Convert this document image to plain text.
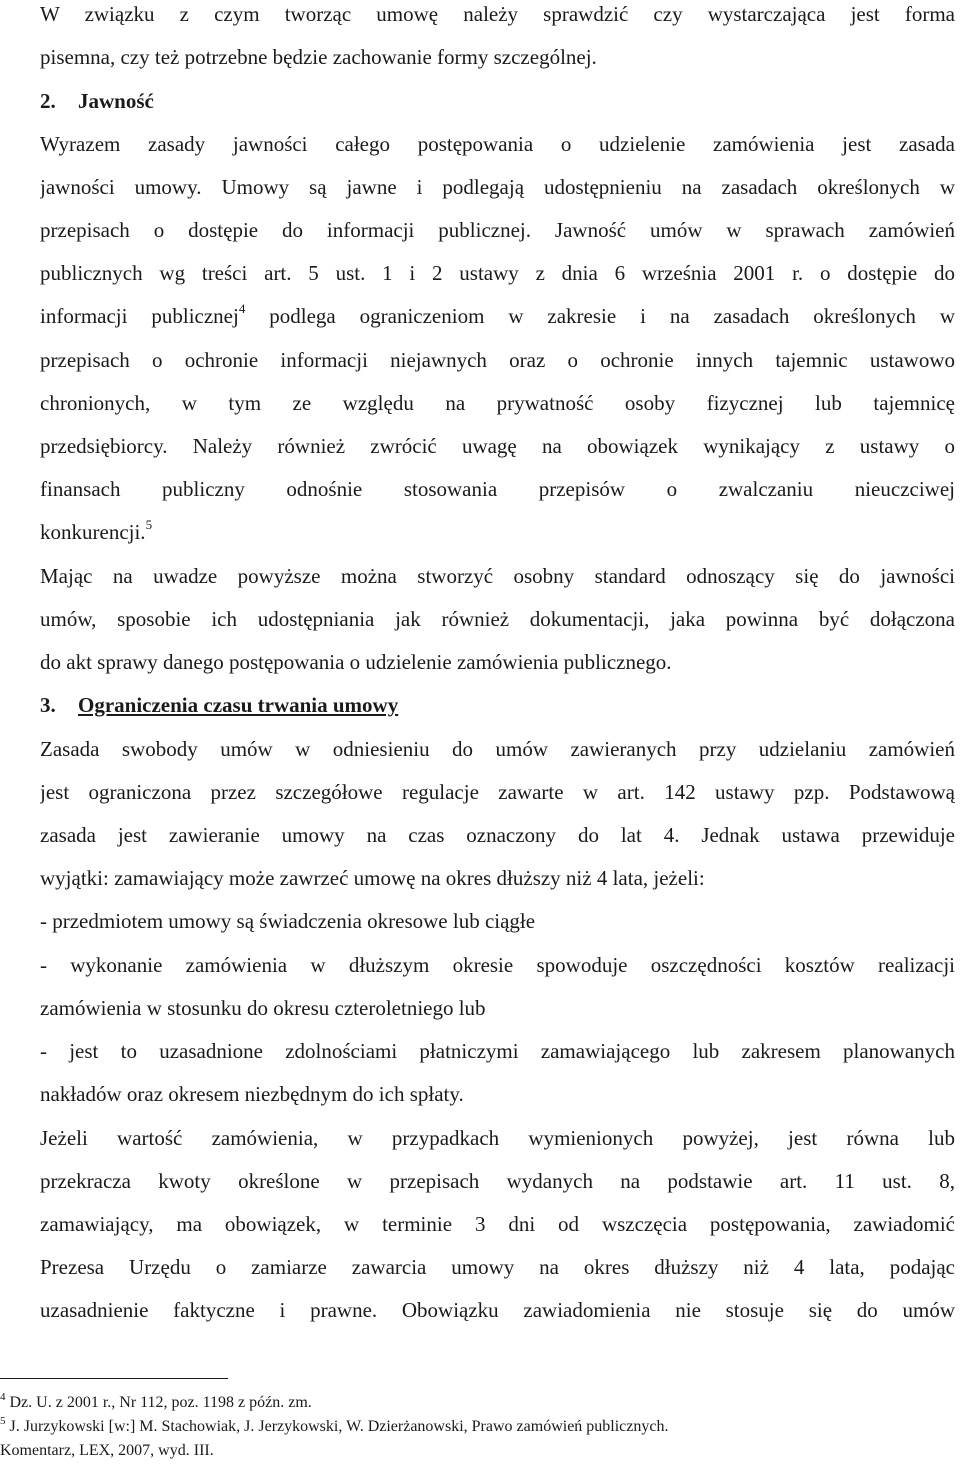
W związku z czym tworząc umowę należy sprawdzić czy wystarczająca jest forma
pisemna, czy też potrzebne będzie zachowanie formy szczególnej.
2. Jawność
Wyrazem zasady jawności całego postępowania o udzielenie zamówienia jest zasada
jawności umowy. Umowy są jawne i podlegają udostępnieniu na zasadach określonych w
przepisach o dostępie do informacji publicznej. Jawność umów w sprawach zamówień
publicznych wg treści art. 5 ust. 1 i 2 ustawy z dnia 6 września 2001 r. o dostępie do
informacji publicznej$^4$ podlega ograniczeniom w zakresie i na zasadach określonych w
przepisach o ochronie informacji niejawnych oraz o ochronie innych tajemnic ustawowo
chronionych, w tym ze względu na prywatność osoby fizycznej lub tajemnicę
przedsiębiorcy. Należy również zwrócić uwagę na obowiązek wynikający z ustawy o
finansach publiczny odnośnie stosowania przepisów o zwalczaniu nieuczciwej
konkurencji.$^5$
Mając na uwadze powyższe można stworzyć osobny standard odnoszący się do jawności
umów, sposobie ich udostępniania jak również dokumentacji, jaka powinna być dołączona
do akt sprawy danego postępowania o udzielenie zamówienia publicznego.
3. Ograniczenia czasu trwania umowy
Zasada swobody umów w odniesieniu do umów zawieranych przy udzielaniu zamówień
jest ograniczona przez szczegółowe regulacje zawarte w art. 142 ustawy pzp. Podstawową
zasada jest zawieranie umowy na czas oznaczony do lat 4. Jednak ustawa przewiduje
wyjątki: zamawiający może zawrzeć umowę na okres dłuższy niż 4 lata, jeżeli:
- przedmiotem umowy są świadczenia okresowe lub ciągłe
- wykonanie zamówienia w dłuższym okresie spowoduje oszczędności kosztów realizacji
zamówienia w stosunku do okresu czteroletniego lub
- jest to uzasadnione zdolnościami płatniczymi zamawiającego lub zakresem planowanych
nakładów oraz okresem niezbędnym do ich spłaty.
Jeżeli wartość zamówienia, w przypadkach wymienionych powyżej, jest równa lub
przekracza kwoty określone w przepisach wydanych na podstawie art. 11 ust. 8,
zamawiający, ma obowiązek, w terminie 3 dni od wszczęcia postępowania, zawiadomić
Prezesa Urzędu o zamiarze zawarcia umowy na okres dłuższy niż 4 lata, podając
uzasadnienie faktyczne i prawne. Obowiązku zawiadomienia nie stosuje się do umów
$^4$ Dz. U. z 2001 r., Nr 112, poz. 1198 z późn. zm.
$^5$ J. Jurzykowski [w:] M. Stachowiak, J. Jerzykowski, W. Dzierżanowski, Prawo zamówień publicznych.
Komentarz, LEX, 2007, wyd. III.
